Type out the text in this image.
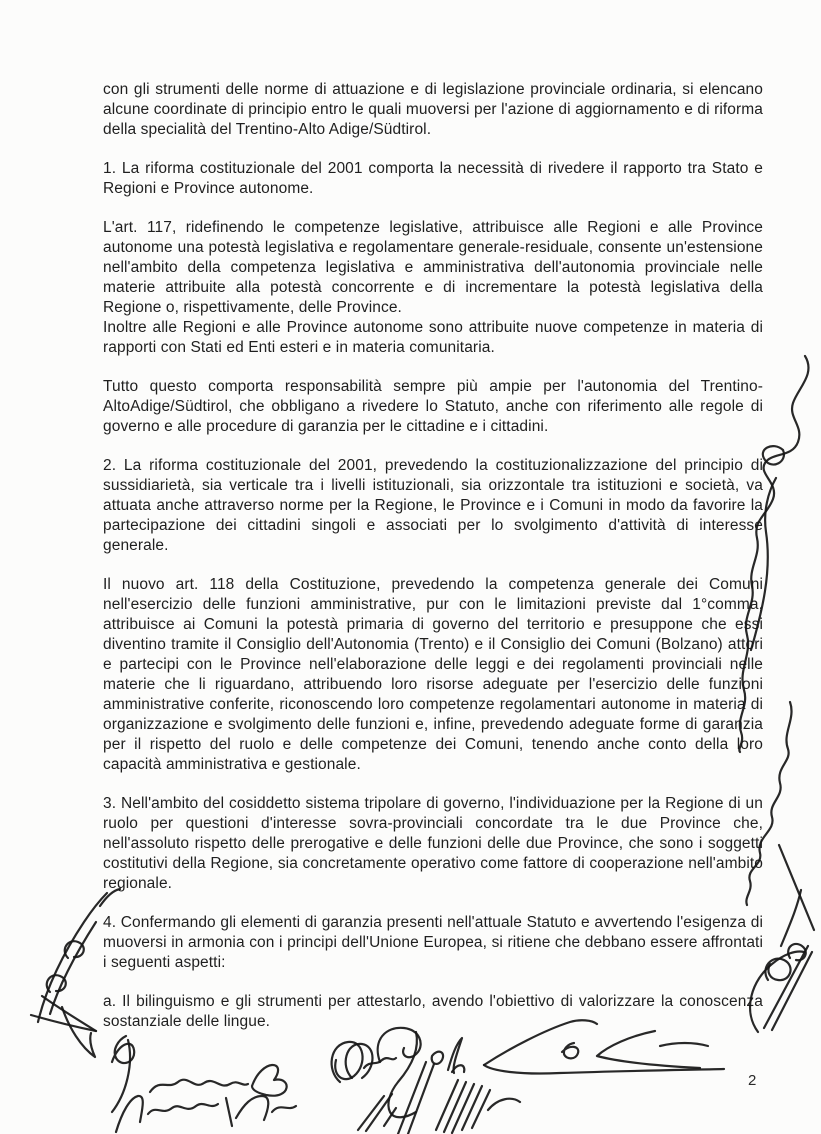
con gli strumenti delle norme di attuazione e di legislazione provinciale ordinaria, si elencano alcune coordinate di principio entro le quali muoversi per l'azione di aggiornamento e di riforma della specialità del Trentino-Alto Adige/Südtirol.

1. La riforma costituzionale del 2001 comporta la necessità di rivedere il rapporto tra Stato e Regioni e Province autonome.

L'art. 117, ridefinendo le competenze legislative, attribuisce alle Regioni e alle Province autonome una potestà legislativa e regolamentare generale-residuale, consente un'estensione nell'ambito della competenza legislativa e amministrativa dell'autonomia provinciale nelle materie attribuite alla potestà concorrente e di incrementare la potestà legislativa della Regione o, rispettivamente, delle Province.

Inoltre alle Regioni e alle Province autonome sono attribuite nuove competenze in materia di rapporti con Stati ed Enti esteri e in materia comunitaria.

Tutto questo comporta responsabilità sempre più ampie per l'autonomia del Trentino-AltoAdige/Südtirol, che obbligano a rivedere lo Statuto, anche con riferimento alle regole di governo e alle procedure di garanzia per le cittadine e i cittadini.

2. La riforma costituzionale del 2001, prevedendo la costituzionalizzazione del principio di sussidiarietà, sia verticale tra i livelli istituzionali, sia orizzontale tra istituzioni e società, va attuata anche attraverso norme per la Regione, le Province e i Comuni in modo da favorire la partecipazione dei cittadini singoli e associati per lo svolgimento d'attività di interesse generale.

Il nuovo art. 118 della Costituzione, prevedendo la competenza generale dei Comuni nell'esercizio delle funzioni amministrative, pur con le limitazioni previste dal 1°comma, attribuisce ai Comuni la potestà primaria di governo del territorio e presuppone che essi diventino tramite il Consiglio dell'Autonomia (Trento) e il Consiglio dei Comuni (Bolzano) attori e partecipi con le Province nell'elaborazione delle leggi e dei regolamenti provinciali nelle materie che li riguardano, attribuendo loro risorse adeguate per l'esercizio delle funzioni amministrative conferite, riconoscendo loro competenze regolamentari autonome in materia di organizzazione e svolgimento delle funzioni e, infine, prevedendo adeguate forme di garanzia per il rispetto del ruolo e delle competenze dei Comuni, tenendo anche conto della loro capacità amministrativa e gestionale.

3. Nell'ambito del cosiddetto sistema tripolare di governo, l'individuazione per la Regione di un ruolo per questioni d'interesse sovra-provinciali concordate tra le due Province che, nell'assoluto rispetto delle prerogative e delle funzioni delle due Province, che sono i soggetti costitutivi della Regione, sia concretamente operativo come fattore di cooperazione nell'ambito regionale.

4. Confermando gli elementi di garanzia presenti nell'attuale Statuto e avvertendo l'esigenza di muoversi in armonia con i principi dell'Unione Europea, si ritiene che debbano essere affrontati i seguenti aspetti:

a. Il bilinguismo e gli strumenti per attestarlo, avendo l'obiettivo di valorizzare la conoscenza sostanziale delle lingue.

2
